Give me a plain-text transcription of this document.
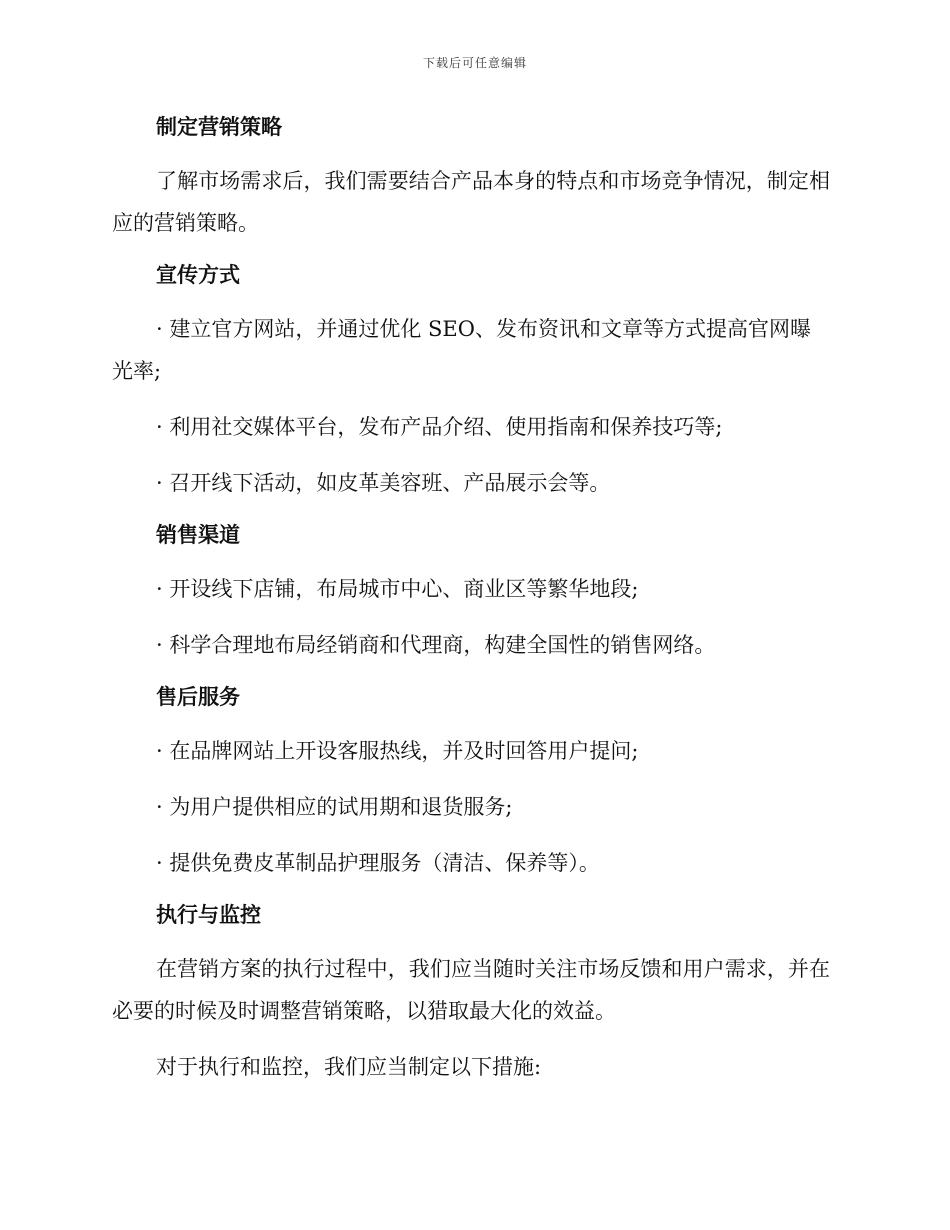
下载后可任意编辑

制定营销策略

了解市场需求后，我们需要结合产品本身的特点和市场竞争情况，制定相应的营销策略。

宣传方式

· 建立官方网站，并通过优化 SEO、发布资讯和文章等方式提高官网曝光率;

· 利用社交媒体平台，发布产品介绍、使用指南和保养技巧等;

· 召开线下活动，如皮革美容班、产品展示会等。

销售渠道

· 开设线下店铺，布局城市中心、商业区等繁华地段;

· 科学合理地布局经销商和代理商，构建全国性的销售网络。

售后服务

· 在品牌网站上开设客服热线，并及时回答用户提问;

· 为用户提供相应的试用期和退货服务;

· 提供免费皮革制品护理服务（清洁、保养等）。

执行与监控

在营销方案的执行过程中，我们应当随时关注市场反馈和用户需求，并在必要的时候及时调整营销策略，以猎取最大化的效益。

对于执行和监控，我们应当制定以下措施:
